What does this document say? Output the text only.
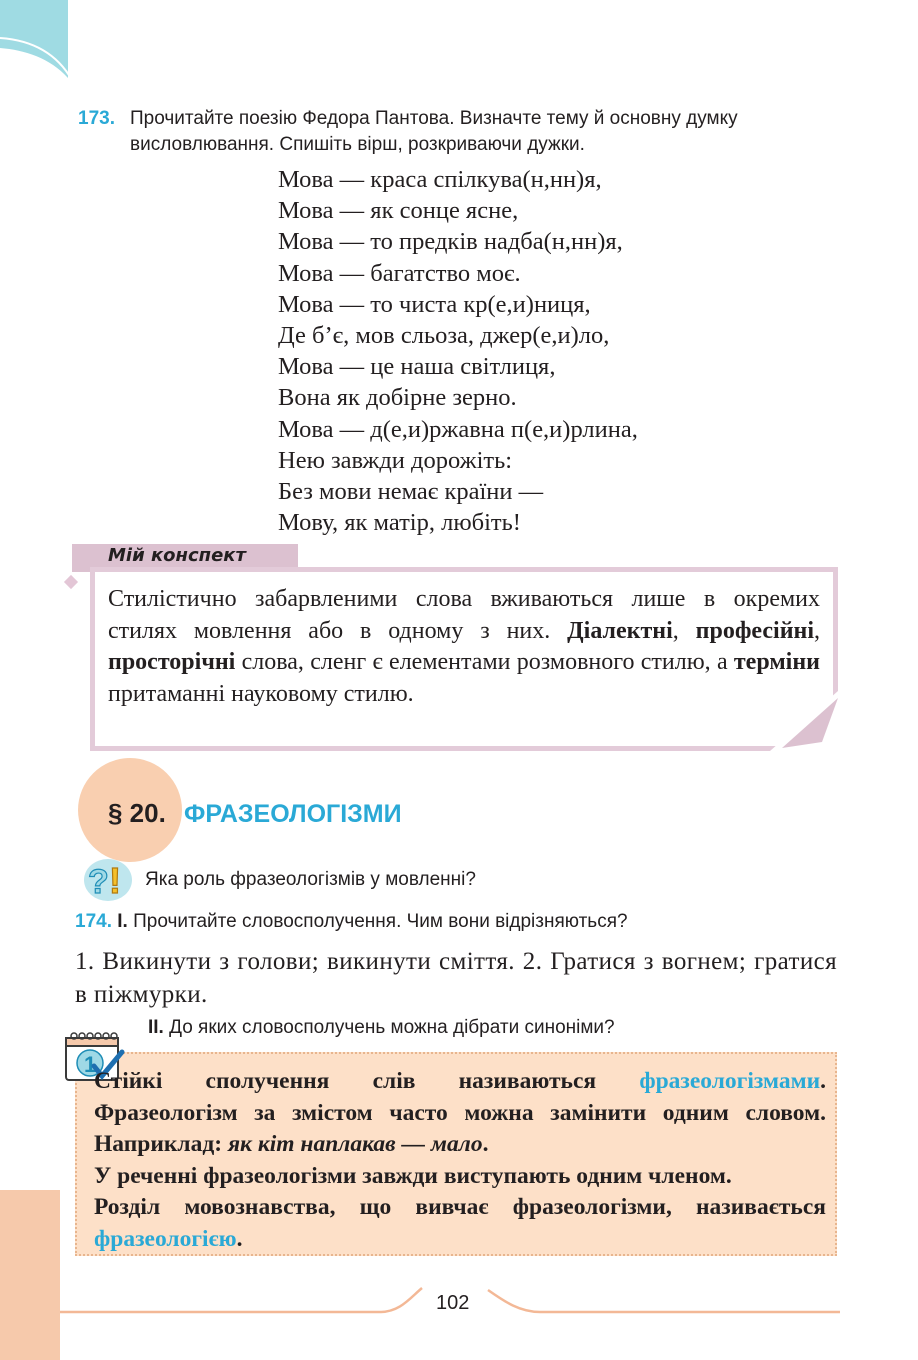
173. Прочитайте поезію Федора Пантова. Визначте тему й основну думку висловлювання. Спишіть вірш, розкриваючи дужки.
Мова — краса спілкува(н,нн)я,
Мова — як сонце ясне,
Мова — то предків надба(н,нн)я,
Мова — багатство моє.
Мова — то чиста кр(е,и)ниця,
Де б’є, мов сльоза, джер(е,и)ло,
Мова — це наша світлиця,
Вона як добірне зерно.
Мова — д(е,и)ржавна п(е,и)рлина,
Нею завжди дорожіть:
Без мови немає країни —
Мову, як матір, любіть!
Мій конспект
Стилістично забарвленими слова вживаються лише в окремих стилях мовлення або в одному з них. Діалектні, професійні, просторічні слова, сленг є елементами розмовного стилю, а терміни притаманні науковому стилю.
§ 20. ФРАЗЕОЛОГІЗМИ
? ! Яка роль фразеологізмів у мовленні?
174. I. Прочитайте словосполучення. Чим вони відрізняються?
1. Викинути з голови; викинути сміття. 2. Гратися з вогнем; гратися в піжмурки.
II. До яких словосполучень можна дібрати синоніми?
1
Стійкі сполучення слів називаються фразеологізмами. Фразеологізм за змістом часто можна замінити одним словом. Наприклад: як кіт наплакав — мало.
У реченні фразеологізми завжди виступають одним членом.
Розділ мовознавства, що вивчає фразеологізми, називається фразеологією.
102
